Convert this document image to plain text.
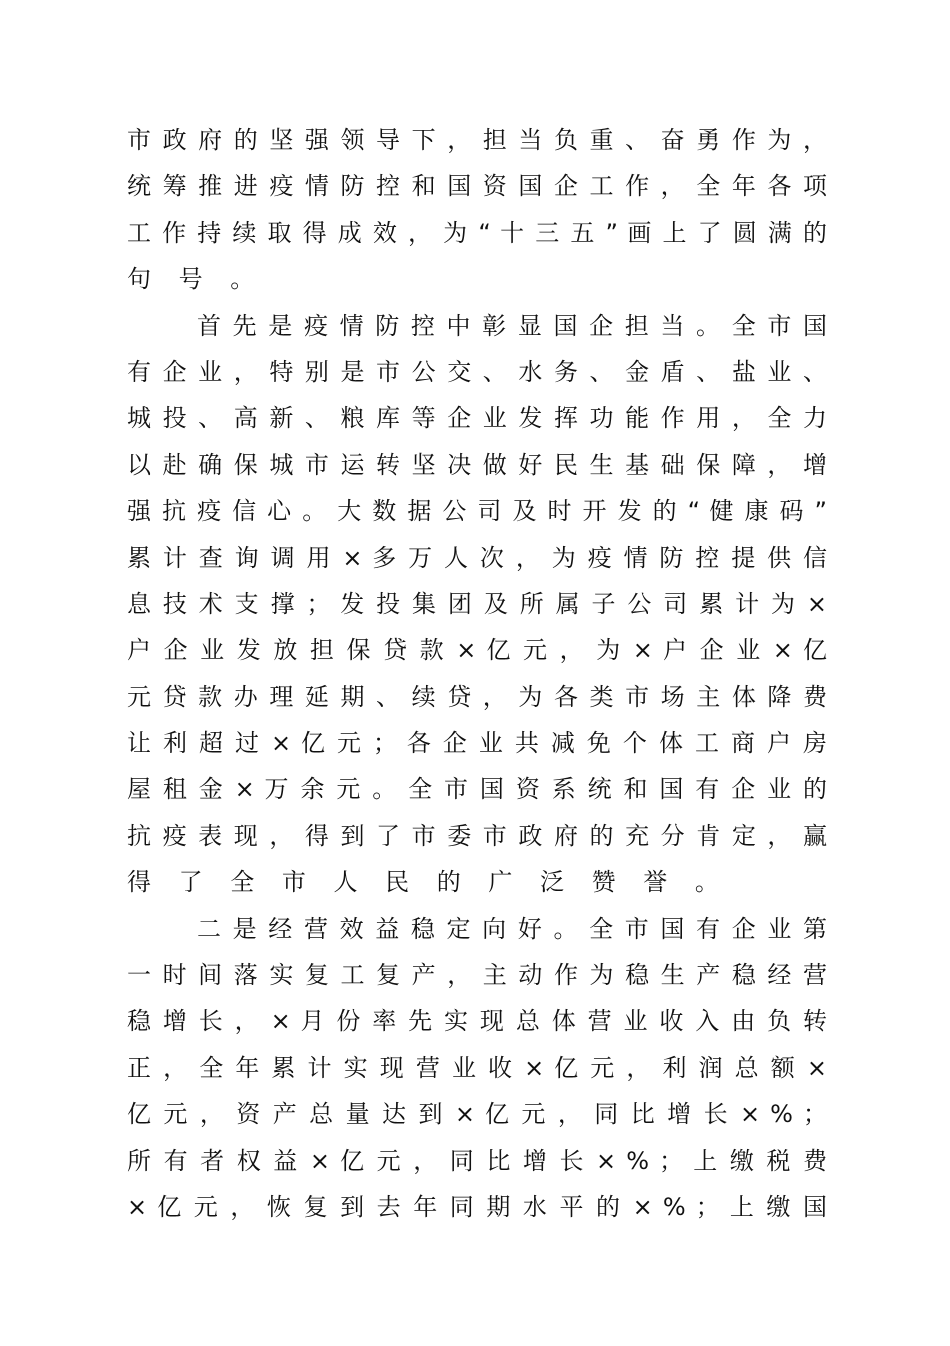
市 政 府 的 坚 强 领 导 下 ， 担 当 负 重 、 奋 勇 作 为 ，
统 筹 推 进 疫 情 防 控 和 国 资 国 企 工 作 ， 全 年 各 项
工 作 持 续 取 得 成 效 ， 为 “ 十 三 五 ” 画 上 了 圆 满 的
句 号 。
首 先 是 疫 情 防 控 中 彰 显 国 企 担 当 。 全 市 国
有 企 业 ， 特 别 是 市 公 交 、 水 务 、 金 盾 、 盐 业 、
城 投 、 高 新 、 粮 库 等 企 业 发 挥 功 能 作 用 ， 全 力
以 赴 确 保 城 市 运 转 坚 决 做 好 民 生 基 础 保 障 ， 增
强 抗 疫 信 心 。 大 数 据 公 司 及 时 开 发 的 “ 健 康 码 ”
累 计 查 询 调 用 × 多 万 人 次 ， 为 疫 情 防 控 提 供 信
息 技 术 支 撑 ； 发 投 集 团 及 所 属 子 公 司 累 计 为 ×
户 企 业 发 放 担 保 贷 款 × 亿 元 ， 为 × 户 企 业 × 亿
元 贷 款 办 理 延 期 、 续 贷 ， 为 各 类 市 场 主 体 降 费
让 利 超 过 × 亿 元 ； 各 企 业 共 减 免 个 体 工 商 户 房
屋 租 金 × 万 余 元 。 全 市 国 资 系 统 和 国 有 企 业 的
抗 疫 表 现 ， 得 到 了 市 委 市 政 府 的 充 分 肯 定 ， 赢
得 了 全 市 人 民 的 广 泛 赞 誉 。
二 是 经 营 效 益 稳 定 向 好 。 全 市 国 有 企 业 第
一 时 间 落 实 复 工 复 产 ， 主 动 作 为 稳 生 产 稳 经 营
稳 增 长 ， × 月 份 率 先 实 现 总 体 营 业 收 入 由 负 转
正 ， 全 年 累 计 实 现 营 业 收 × 亿 元 ， 利 润 总 额 ×
亿 元 ， 资 产 总 量 达 到 × 亿 元 ， 同 比 增 长 × % ；
所 有 者 权 益 × 亿 元 ， 同 比 增 长 × % ； 上 缴 税 费
× 亿 元 ， 恢 复 到 去 年 同 期 水 平 的 × % ； 上 缴 国
